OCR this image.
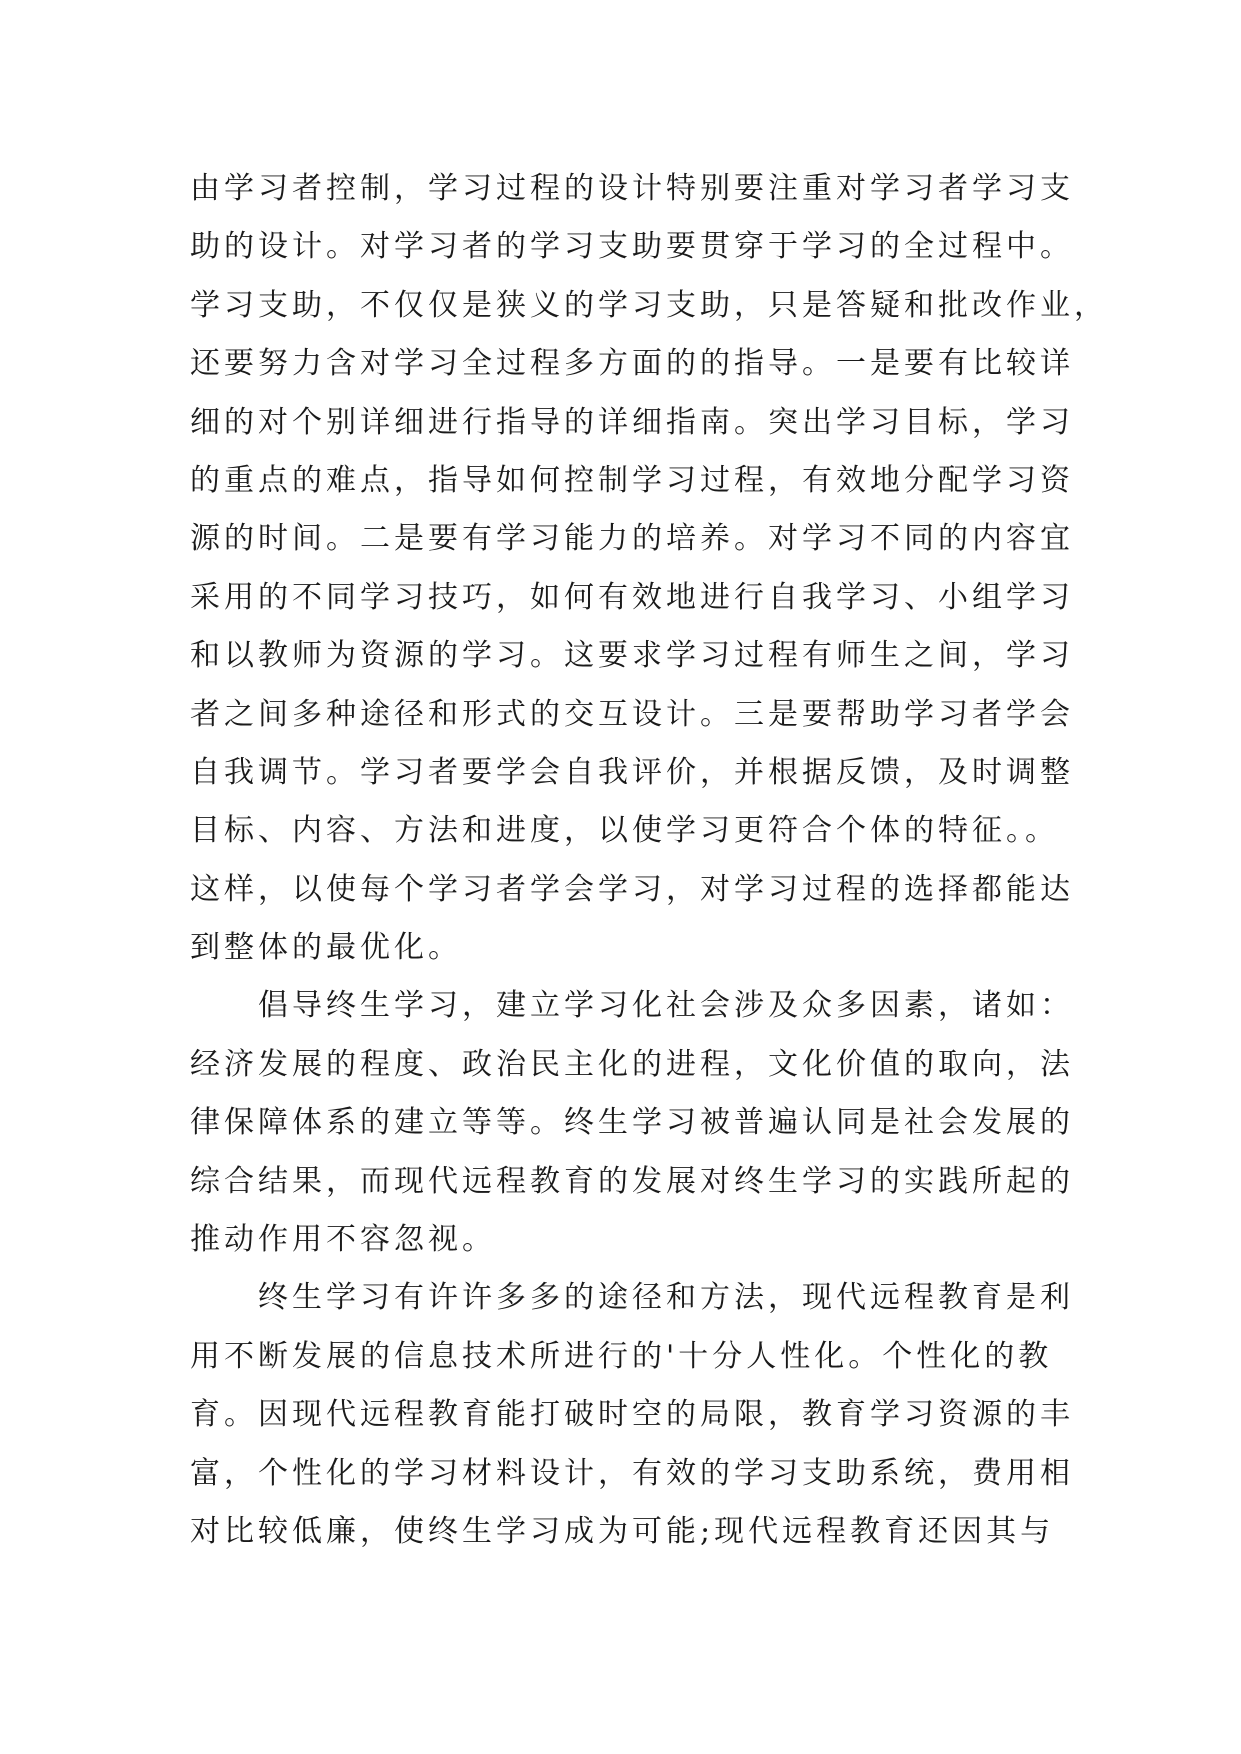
由学习者控制，学习过程的设计特别要注重对学习者学习支
助的设计。对学习者的学习支助要贯穿于学习的全过程中。
学习支助，不仅仅是狭义的学习支助，只是答疑和批改作业，
还要努力含对学习全过程多方面的的指导。一是要有比较详
细的对个别详细进行指导的详细指南。突出学习目标，学习
的重点的难点，指导如何控制学习过程，有效地分配学习资
源的时间。二是要有学习能力的培养。对学习不同的内容宜
采用的不同学习技巧，如何有效地进行自我学习、小组学习
和以教师为资源的学习。这要求学习过程有师生之间，学习
者之间多种途径和形式的交互设计。三是要帮助学习者学会
自我调节。学习者要学会自我评价，并根据反馈，及时调整
目标、内容、方法和进度，以使学习更符合个体的特征。。
这样，以使每个学习者学会学习，对学习过程的选择都能达
到整体的最优化。
　　倡导终生学习，建立学习化社会涉及众多因素，诸如：
经济发展的程度、政治民主化的进程，文化价值的取向，法
律保障体系的建立等等。终生学习被普遍认同是社会发展的
综合结果，而现代远程教育的发展对终生学习的实践所起的
推动作用不容忽视。
　　终生学习有许许多多的途径和方法，现代远程教育是利
用不断发展的信息技术所进行的'十分人性化。个性化的教
育。因现代远程教育能打破时空的局限，教育学习资源的丰
富，个性化的学习材料设计，有效的学习支助系统，费用相
对比较低廉，使终生学习成为可能;现代远程教育还因其与
